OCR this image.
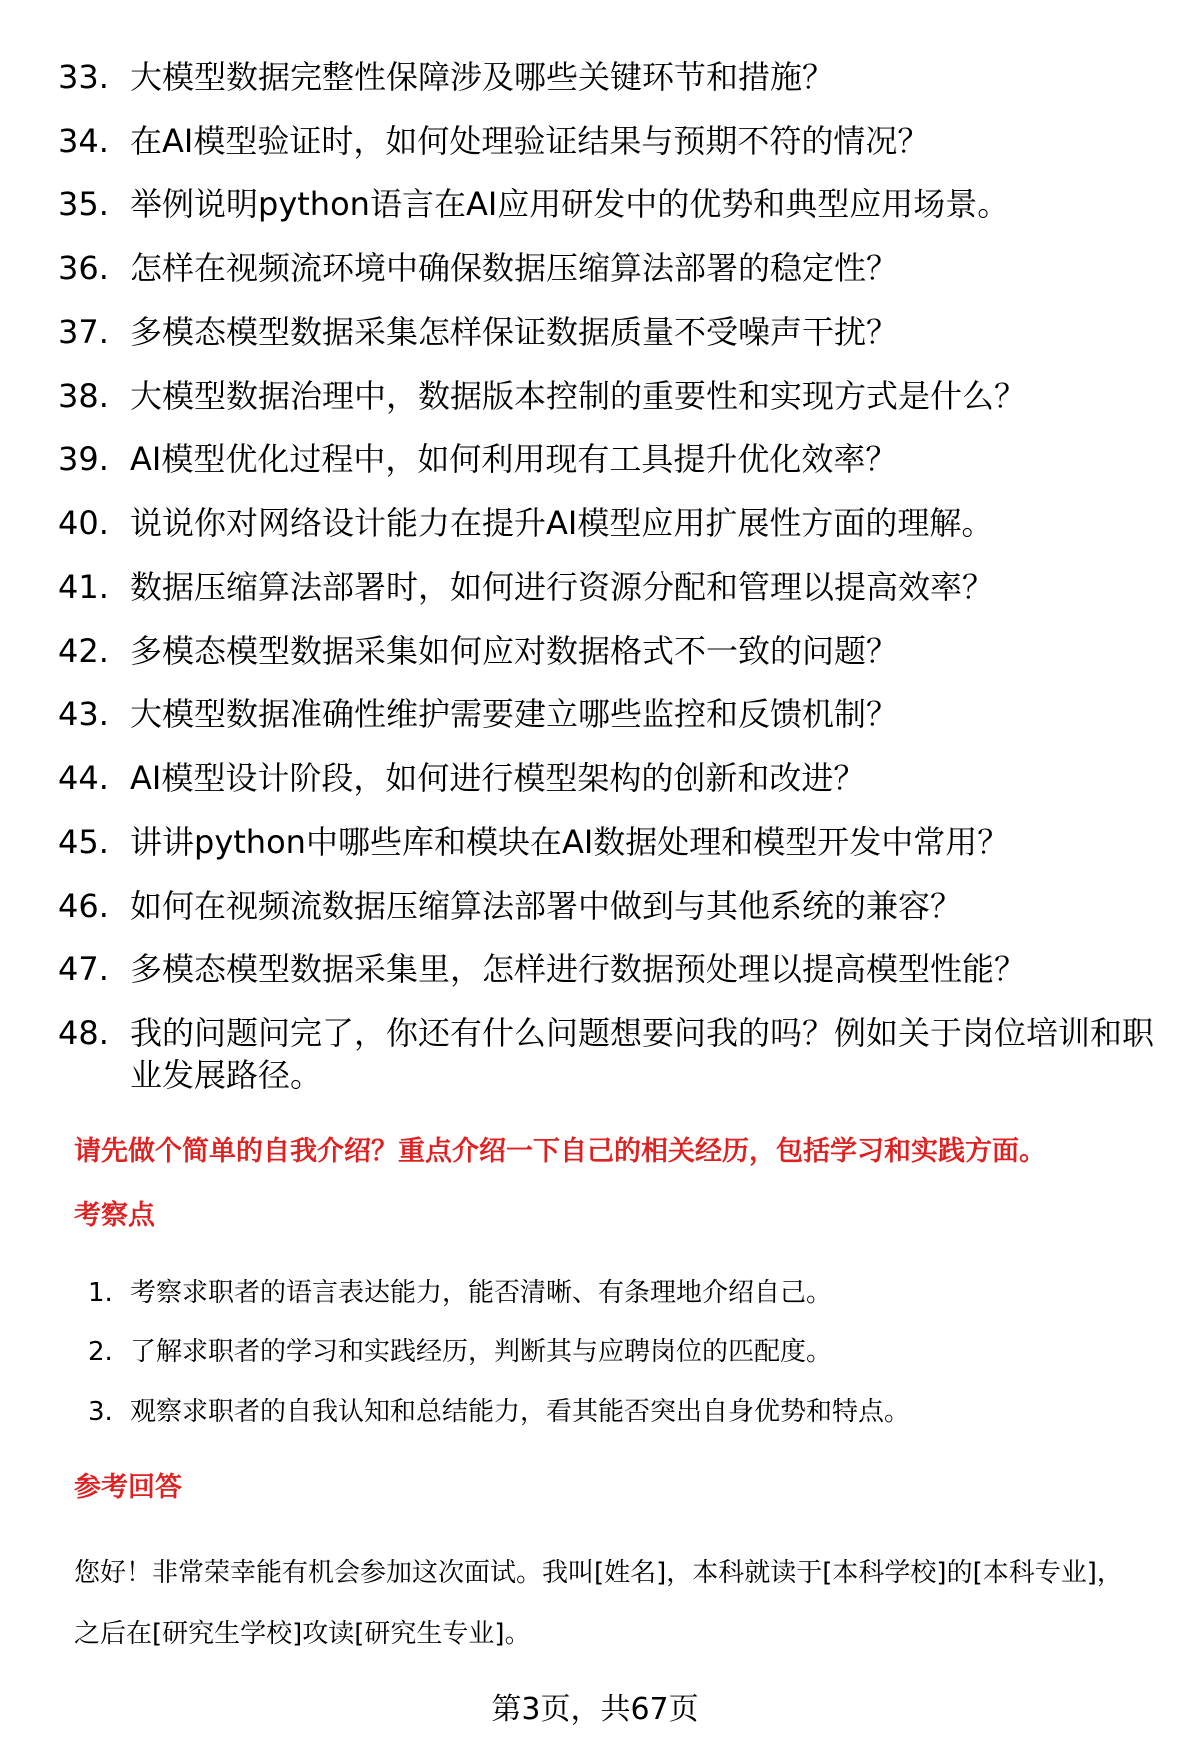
33. 大模型数据完整性保障涉及哪些关键环节和措施？
34. 在AI模型验证时，如何处理验证结果与预期不符的情况？
35. 举例说明python语言在AI应用研发中的优势和典型应用场景。
36. 怎样在视频流环境中确保数据压缩算法部署的稳定性？
37. 多模态模型数据采集怎样保证数据质量不受噪声干扰？
38. 大模型数据治理中，数据版本控制的重要性和实现方式是什么？
39. AI模型优化过程中，如何利用现有工具提升优化效率？
40. 说说你对网络设计能力在提升AI模型应用扩展性方面的理解。
41. 数据压缩算法部署时，如何进行资源分配和管理以提高效率？
42. 多模态模型数据采集如何应对数据格式不一致的问题？
43. 大模型数据准确性维护需要建立哪些监控和反馈机制？
44. AI模型设计阶段，如何进行模型架构的创新和改进？
45. 讲讲python中哪些库和模块在AI数据处理和模型开发中常用？
46. 如何在视频流数据压缩算法部署中做到与其他系统的兼容？
47. 多模态模型数据采集里，怎样进行数据预处理以提高模型性能？
48. 我的问题问完了，你还有什么问题想要问我的吗？例如关于岗位培训和职业发展路径。
请先做个简单的自我介绍？重点介绍一下自己的相关经历，包括学习和实践方面。
考察点
1. 考察求职者的语言表达能力，能否清晰、有条理地介绍自己。
2. 了解求职者的学习和实践经历，判断其与应聘岗位的匹配度。
3. 观察求职者的自我认知和总结能力，看其能否突出自身优势和特点。
参考回答
您好！非常荣幸能有机会参加这次面试。我叫[姓名]，本科就读于[本科学校]的[本科专业]，之后在[研究生学校]攻读[研究生专业]。
第3页，共67页
